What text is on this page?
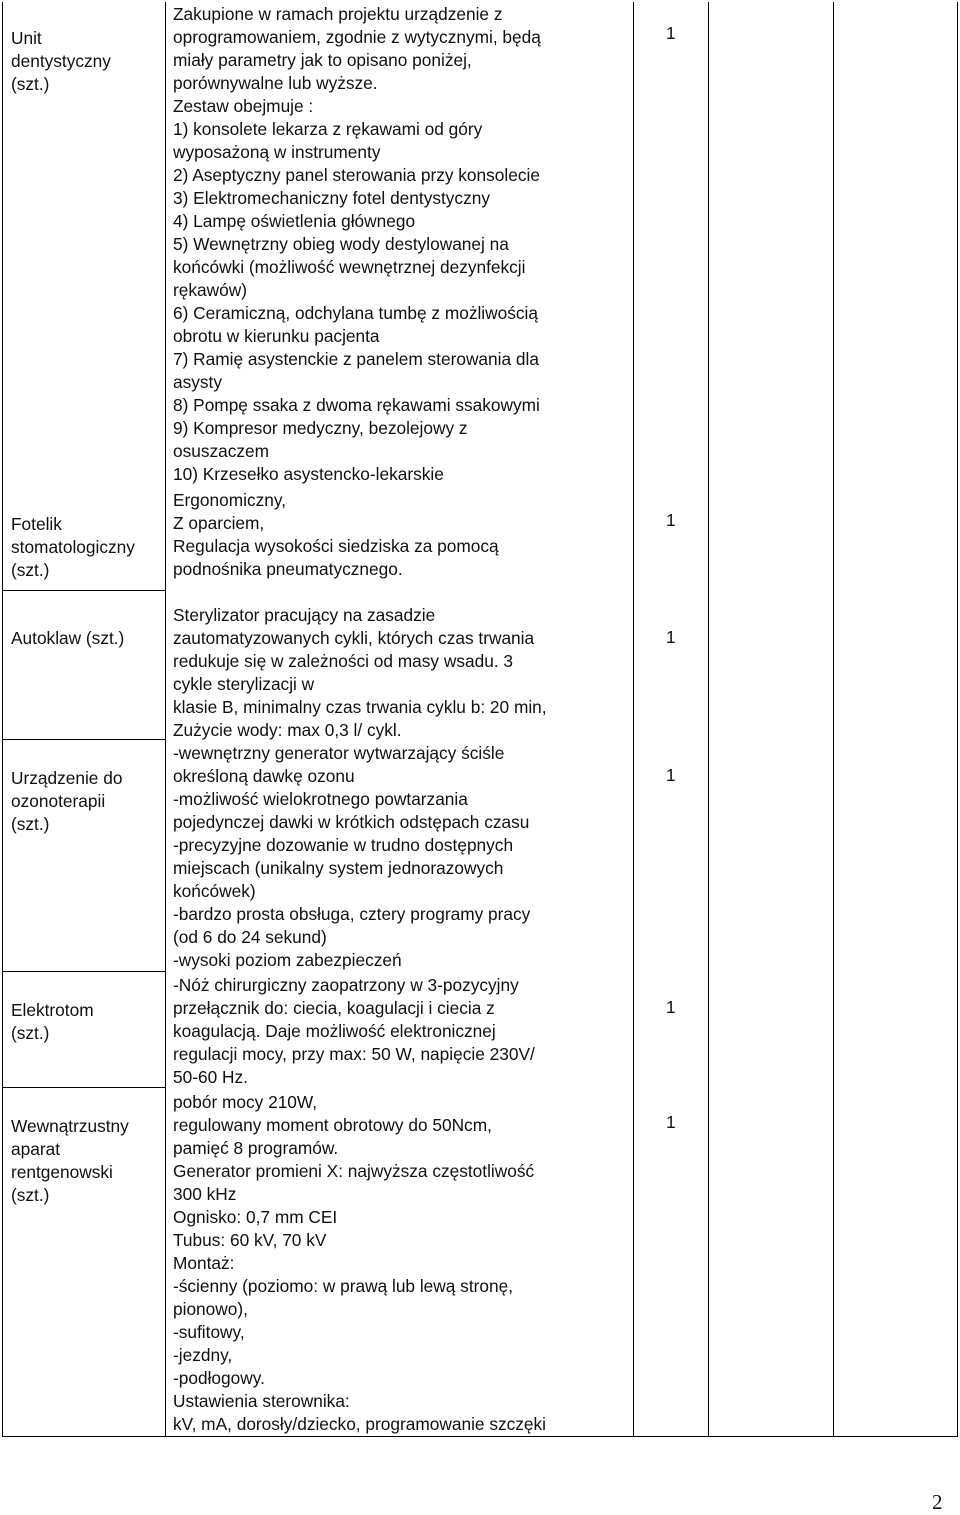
Unit
dentystyczny
(szt.)

Zakupione w ramach projektu urządzenie z
oprogramowaniem, zgodnie z wytycznymi, będą
miały parametry jak to opisano poniżej,
porównywalne lub wyższe.
Zestaw obejmuje :
1) konsolete lekarza z rękawami od góry
wyposażoną w instrumenty
2) Aseptyczny panel sterowania przy konsolecie
3) Elektromechaniczny fotel dentystyczny
4) Lampę oświetlenia głównego
5) Wewnętrzny obieg wody destylowanej na
końcówki (możliwość wewnętrznej dezynfekcji
rękawów)
6) Ceramiczną, odchylana tumbę z możliwością
obrotu w kierunku pacjenta
7) Ramię asystenckie z panelem sterowania dla
asysty
8) Pompę ssaka z dwoma rękawami ssakowymi
9) Kompresor medyczny, bezolejowy z
osuszaczem
10) Krzesełko asystencko-lekarskie

1

Fotelik
stomatologiczny
(szt.)

Ergonomiczny,
Z oparciem,
Regulacja wysokości siedziska za pomocą
podnośnika pneumatycznego.

1

Autoklaw (szt.)

Sterylizator pracujący na zasadzie
zautomatyzowanych cykli, których czas trwania
redukuje się w zależności od masy wsadu. 3
cykle sterylizacji w
klasie B, minimalny czas trwania cyklu b: 20 min,
Zużycie wody: max 0,3 l/ cykl.

1

Urządzenie do
ozonoterapii
(szt.)

-wewnętrzny generator wytwarzający ściśle
określoną dawkę ozonu
-możliwość wielokrotnego powtarzania
pojedynczej dawki w krótkich odstępach czasu
-precyzyjne dozowanie w trudno dostępnych
miejscach (unikalny system jednorazowych
końcówek)
-bardzo prosta obsługa, cztery programy pracy
(od 6 do 24 sekund)
-wysoki poziom zabezpieczeń

1

Elektrotom
(szt.)

-Nóż chirurgiczny zaopatrzony w 3-pozycyjny
przełącznik do: ciecia, koagulacji i ciecia z
koagulacją. Daje możliwość elektronicznej
regulacji mocy, przy max: 50 W, napięcie 230V/
50-60 Hz.

1

Wewnątrzustny
aparat
rentgenowski
(szt.)

pobór mocy 210W,
regulowany moment obrotowy do 50Ncm,
pamięć 8 programów.
Generator promieni X: najwyższa częstotliwość
300 kHz
Ognisko: 0,7 mm CEI
Tubus: 60 kV, 70 kV
Montaż:
-ścienny (poziomo: w prawą lub lewą stronę,
pionowo),
-sufitowy,
-jezdny,
-podłogowy.
Ustawienia sterownika:
kV, mA, dorosły/dziecko, programowanie szczęki

1

2
